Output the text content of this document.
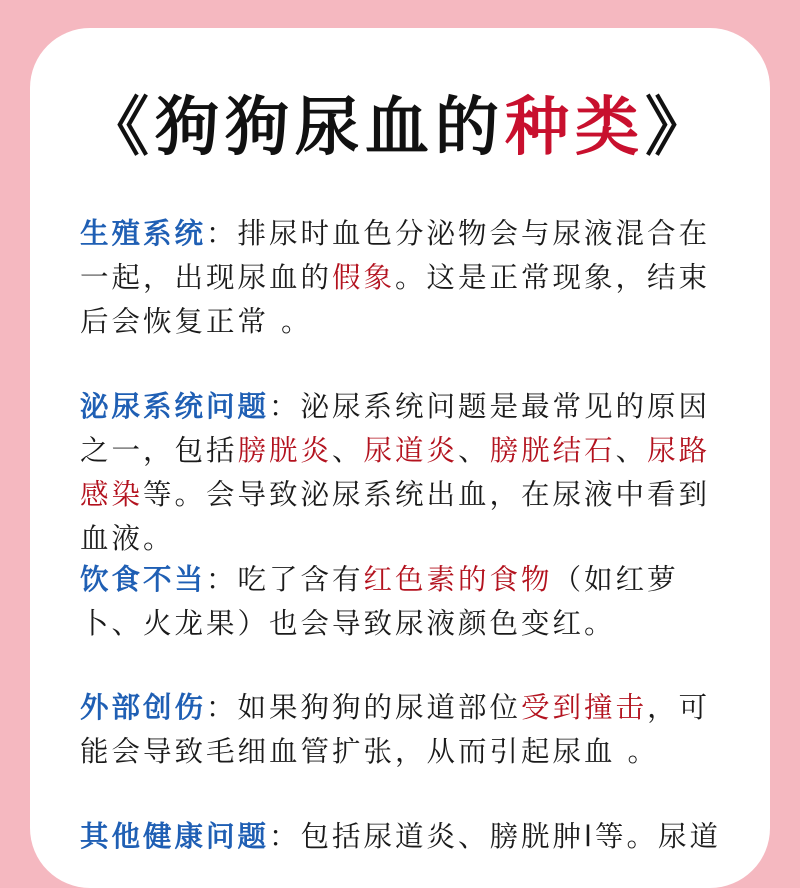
《狗狗尿血的种类》
生殖系统：排尿时血色分泌物会与尿液混合在一起，出现尿血的假象。这是正常现象，结束后会恢复正常 。
泌尿系统问题：泌尿系统问题是最常见的原因之一，包括膀胱炎、尿道炎、膀胱结石、尿路感染等。会导致泌尿系统出血，在尿液中看到血液。
饮食不当：吃了含有红色素的食物（如红萝卜、火龙果）也会导致尿液颜色变红。
外部创伤：如果狗狗的尿道部位受到撞击，可能会导致毛细血管扩张，从而引起尿血 。
其他健康问题：包括尿道炎、膀胱肿l等。尿道
